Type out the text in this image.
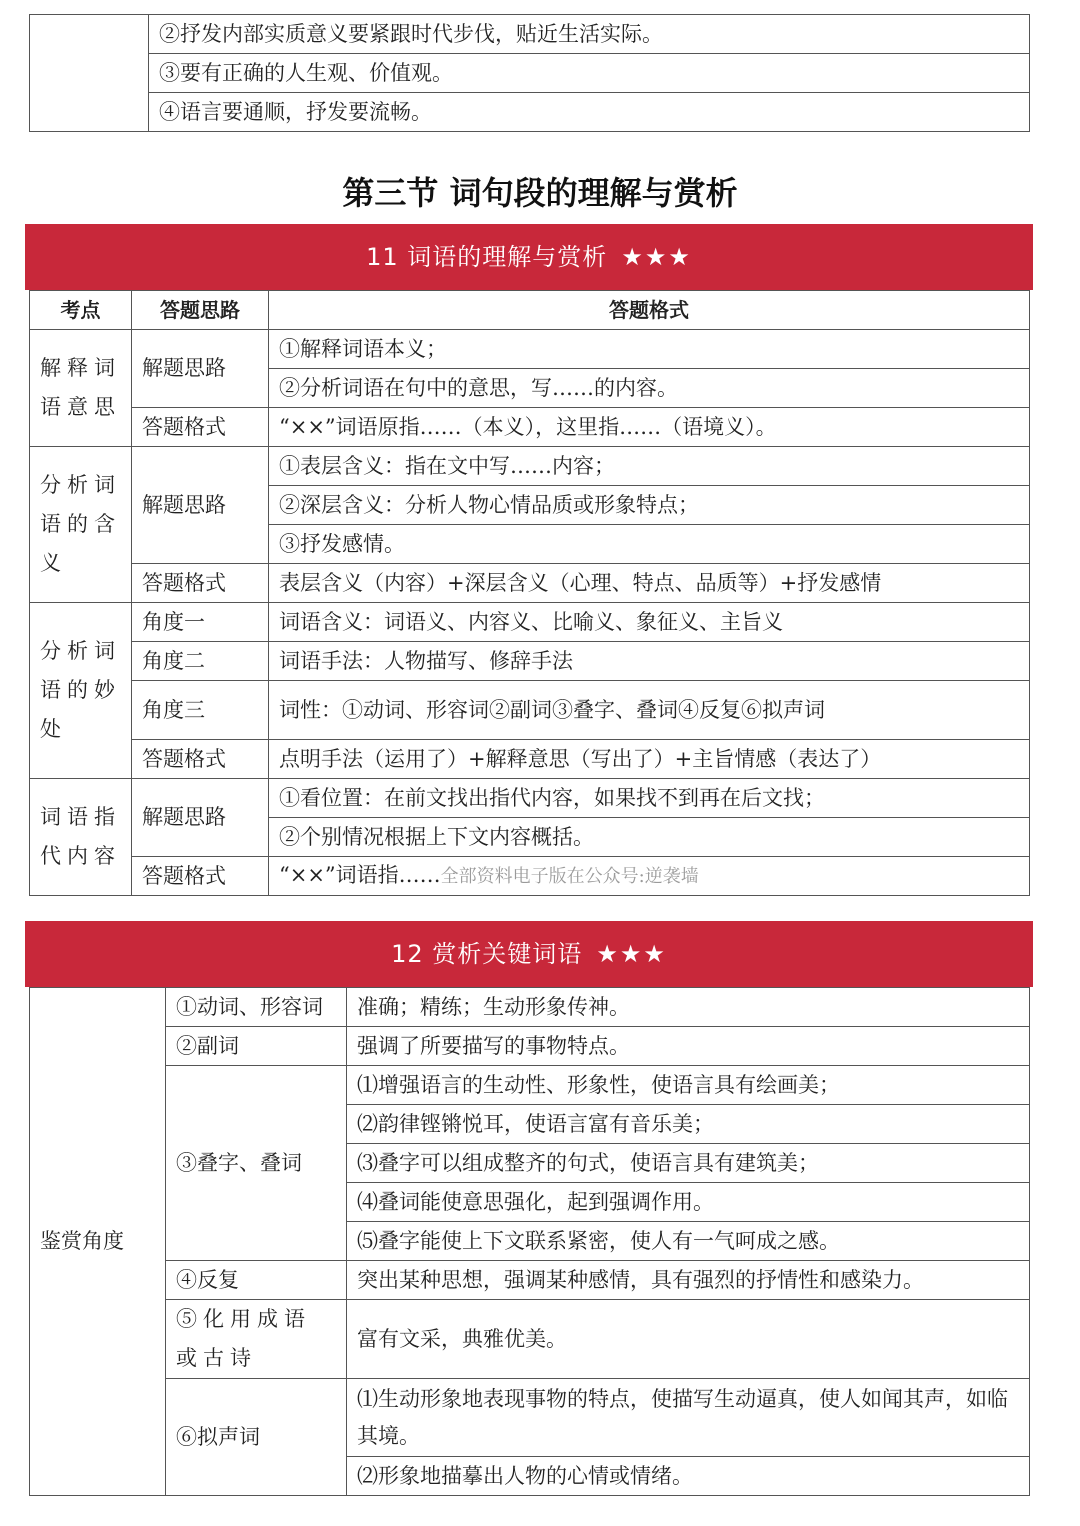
	②抒发内部实质意义要紧跟时代步伐，贴近生活实际。
③要有正确的人生观、价值观。
④语言要通顺，抒发要流畅。
第三节 词句段的理解与赏析
11 词语的理解与赏析 ★★★
考点	答题思路	答题格式
解释词语意思	解题思路	①解释词语本义；
		②分析词语在句中的意思，写……的内容。
	答题格式	“××”词语原指……（本义），这里指……（语境义）。
分析词语的含义	解题思路	①表层含义：指在文中写……内容；
		②深层含义：分析人物心情品质或形象特点；
		③抒发感情。
	答题格式	表层含义（内容）+深层含义（心理、特点、品质等）+抒发感情
分析词语的妙处	角度一	词语含义：词语义、内容义、比喻义、象征义、主旨义
	角度二	词语手法：人物描写、修辞手法
	角度三	词性：①动词、形容词②副词③叠字、叠词④反复⑥拟声词
	答题格式	点明手法（运用了）+解释意思（写出了）+主旨情感（表达了）
词语指代内容	解题思路	①看位置：在前文找出指代内容，如果找不到再在后文找；
		②个别情况根据上下文内容概括。
	答题格式	“××”词语指……全部资料电子版在公众号:逆袭墙
12 赏析关键词语 ★★★
鉴赏角度	①动词、形容词	准确；精练；生动形象传神。
	②副词	强调了所要描写的事物特点。
	③叠字、叠词	⑴增强语言的生动性、形象性，使语言具有绘画美；
		⑵韵律铿锵悦耳，使语言富有音乐美；
		⑶叠字可以组成整齐的句式，使语言具有建筑美；
		⑷叠词能使意思强化，起到强调作用。
		⑸叠字能使上下文联系紧密，使人有一气呵成之感。
	④反复	突出某种思想，强调某种感情，具有强烈的抒情性和感染力。
	⑤化用成语或古诗	富有文采，典雅优美。
	⑥拟声词	⑴生动形象地表现事物的特点，使描写生动逼真，使人如闻其声，如临其境。
		⑵形象地描摹出人物的心情或情绪。
